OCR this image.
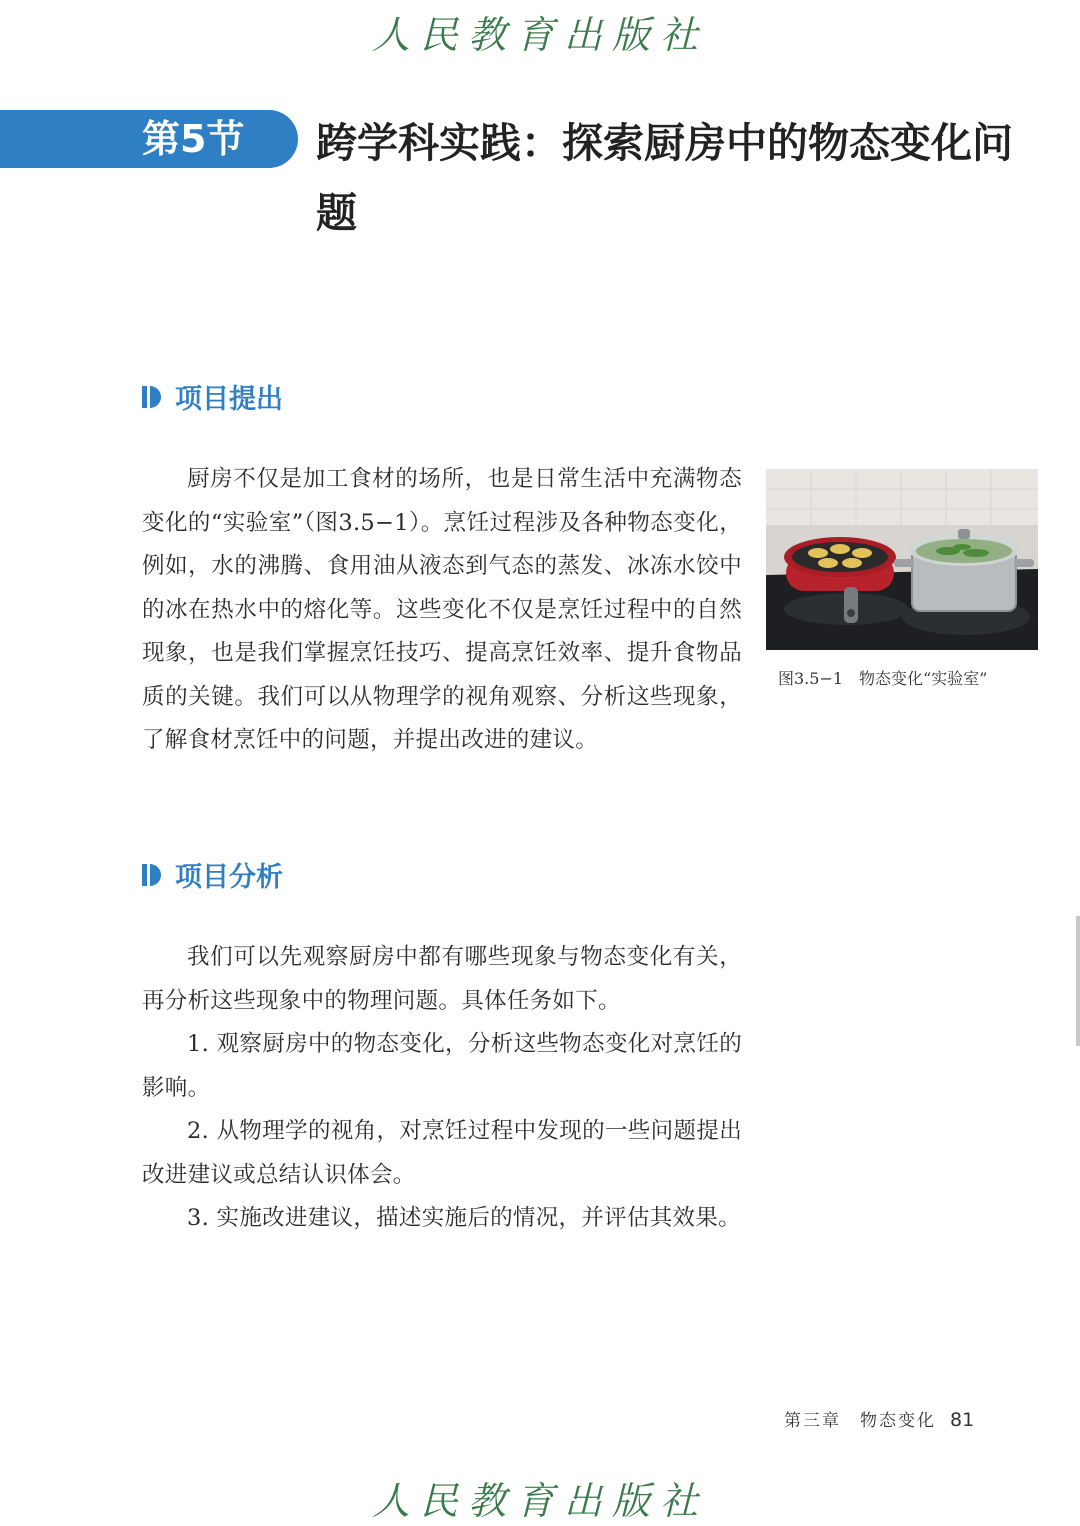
人民教育出版社
第5节	跨学科实践：探索厨房中的物态变化问题
项目提出

厨房不仅是加工食材的场所，也是日常生活中充满物态变化的“实验室”（图3.5−1）。烹饪过程涉及各种物态变化，例如，水的沸腾、食用油从液态到气态的蒸发、冰冻水饺中的冰在热水中的熔化等。这些变化不仅是烹饪过程中的自然现象，也是我们掌握烹饪技巧、提高烹饪效率、提升食物品质的关键。我们可以从物理学的视角观察、分析这些现象，了解食材烹饪中的问题，并提出改进的建议。

图3.5−1　物态变化“实验室”
项目分析

我们可以先观察厨房中都有哪些现象与物态变化有关，再分析这些现象中的物理问题。具体任务如下。

1. 观察厨房中的物态变化，分析这些物态变化对烹饪的影响。

2. 从物理学的视角，对烹饪过程中发现的一些问题提出改进建议或总结认识体会。

3. 实施改进建议，描述实施后的情况，并评估其效果。

第三章　物态变化 81
人民教育出版社
